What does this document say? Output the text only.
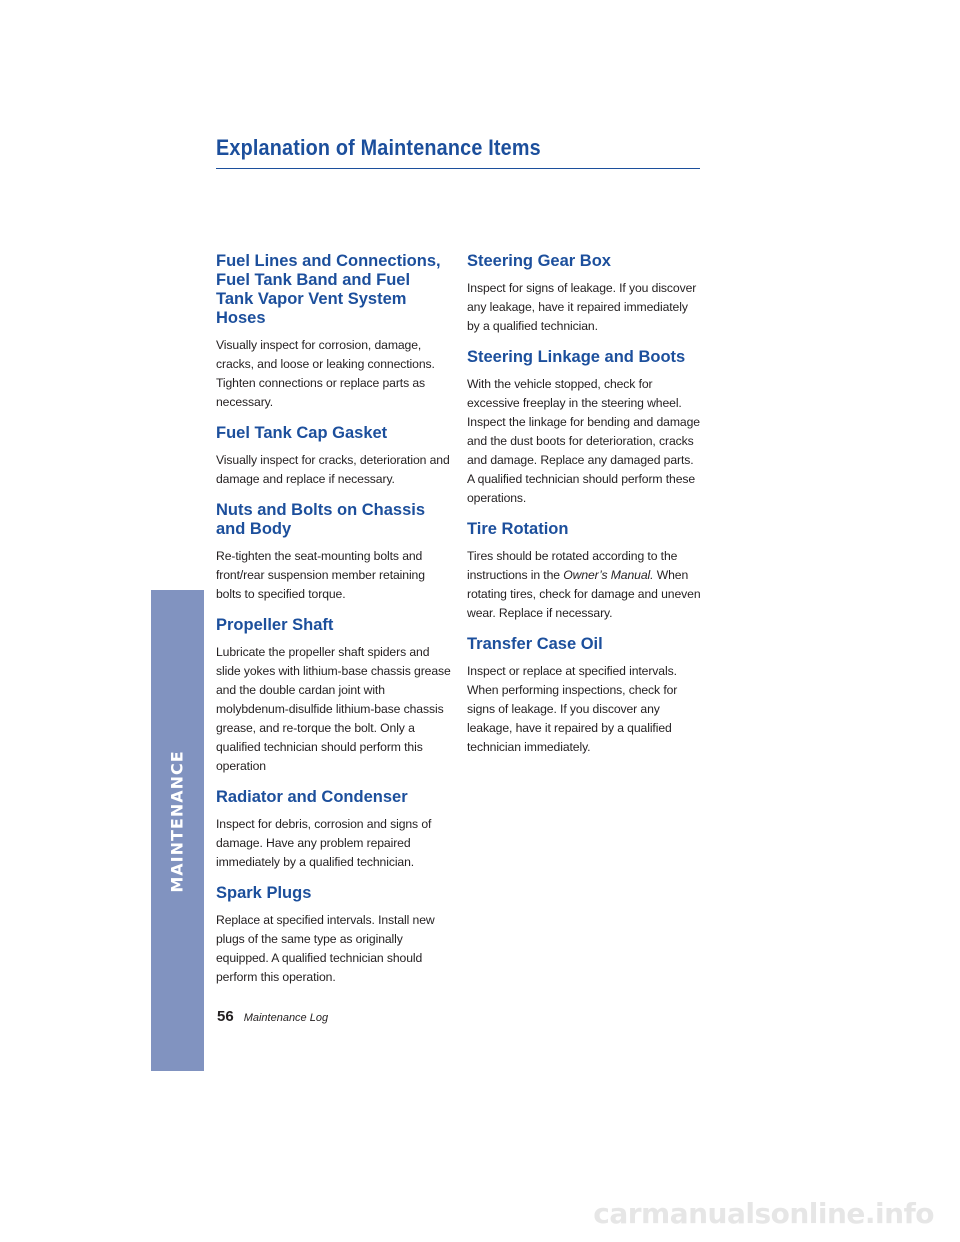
MAINTENANCE
Explanation of Maintenance Items
Fuel Lines and Connections, Fuel Tank Band and Fuel Tank Vapor Vent System Hoses

Visually inspect for corrosion, damage, cracks, and loose or leaking connections. Tighten connections or replace parts as necessary.

Fuel Tank Cap Gasket

Visually inspect for cracks, deterioration and damage and replace if necessary.

Nuts and Bolts on Chassis and Body

Re-tighten the seat-mounting bolts and front/rear suspension member retaining bolts to specified torque.

Propeller Shaft

Lubricate the propeller shaft spiders and slide yokes with lithium-base chassis grease and the double cardan joint with molybdenum-disulfide lithium-base chassis grease, and re-torque the bolt. Only a qualified technician should perform this operation

Radiator and Condenser

Inspect for debris, corrosion and signs of damage. Have any problem repaired immediately by a qualified technician.

Spark Plugs

Replace at specified intervals. Install new plugs of the same type as originally equipped. A qualified technician should perform this operation.

Steering Gear Box

Inspect for signs of leakage. If you discover any leakage, have it repaired immediately by a qualified technician.

Steering Linkage and Boots

With the vehicle stopped, check for excessive freeplay in the steering wheel. Inspect the linkage for bending and damage and the dust boots for deterioration, cracks and damage. Replace any damaged parts. A qualified technician should perform these operations.

Tire Rotation

Tires should be rotated according to the instructions in the Owner’s Manual. When rotating tires, check for damage and uneven wear. Replace if necessary.

Transfer Case Oil

Inspect or replace at specified intervals. When performing inspections, check for signs of leakage. If you discover any leakage, have it repaired by a qualified technician immediately.

56 Maintenance Log
carmanualsonline.info
